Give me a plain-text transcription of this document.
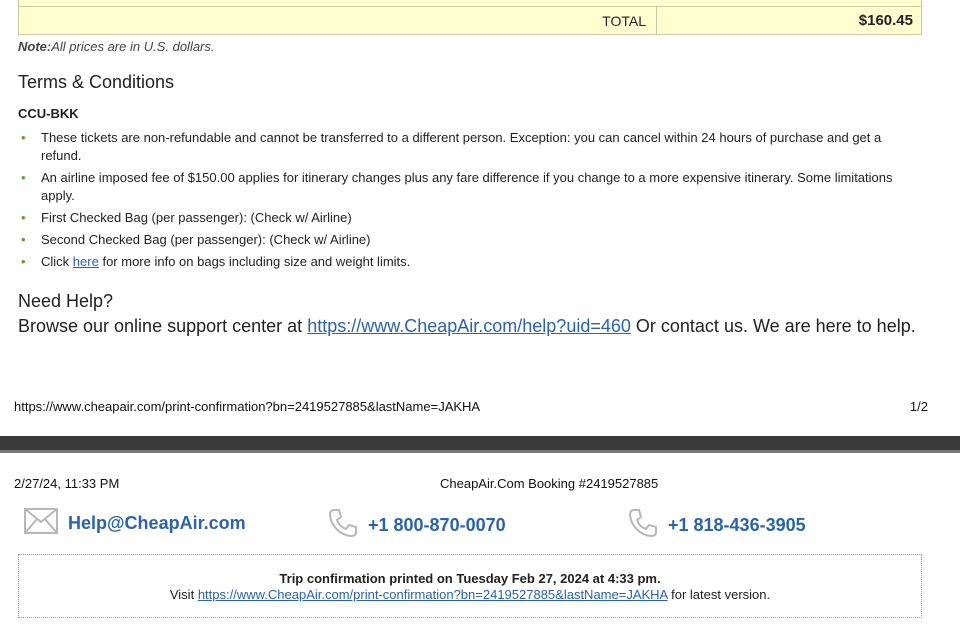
TOTAL	$160.45
Note:All prices are in U.S. dollars.
Terms & Conditions
CCU-BKK
• These tickets are non-refundable and cannot be transferred to a different person. Exception: you can cancel within 24 hours of purchase and get a refund.
• An airline imposed fee of $150.00 applies for itinerary changes plus any fare difference if you change to a more expensive itinerary. Some limitations apply.
• First Checked Bag (per passenger): (Check w/ Airline)
• Second Checked Bag (per passenger): (Check w/ Airline)
• Click here for more info on bags including size and weight limits.
Need Help?
Browse our online support center at https://www.CheapAir.com/help?uid=460 Or contact us. We are here to help.
https://www.cheapair.com/print-confirmation?bn=2419527885&lastName=JAKHA	1/2
2/27/24, 11:33 PM	CheapAir.Com Booking #2419527885
Help@CheapAir.com	+1 800-870-0070	+1 818-436-3905
Trip confirmation printed on Tuesday Feb 27, 2024 at 4:33 pm.
Visit https://www.CheapAir.com/print-confirmation?bn=2419527885&lastName=JAKHA for latest version.
